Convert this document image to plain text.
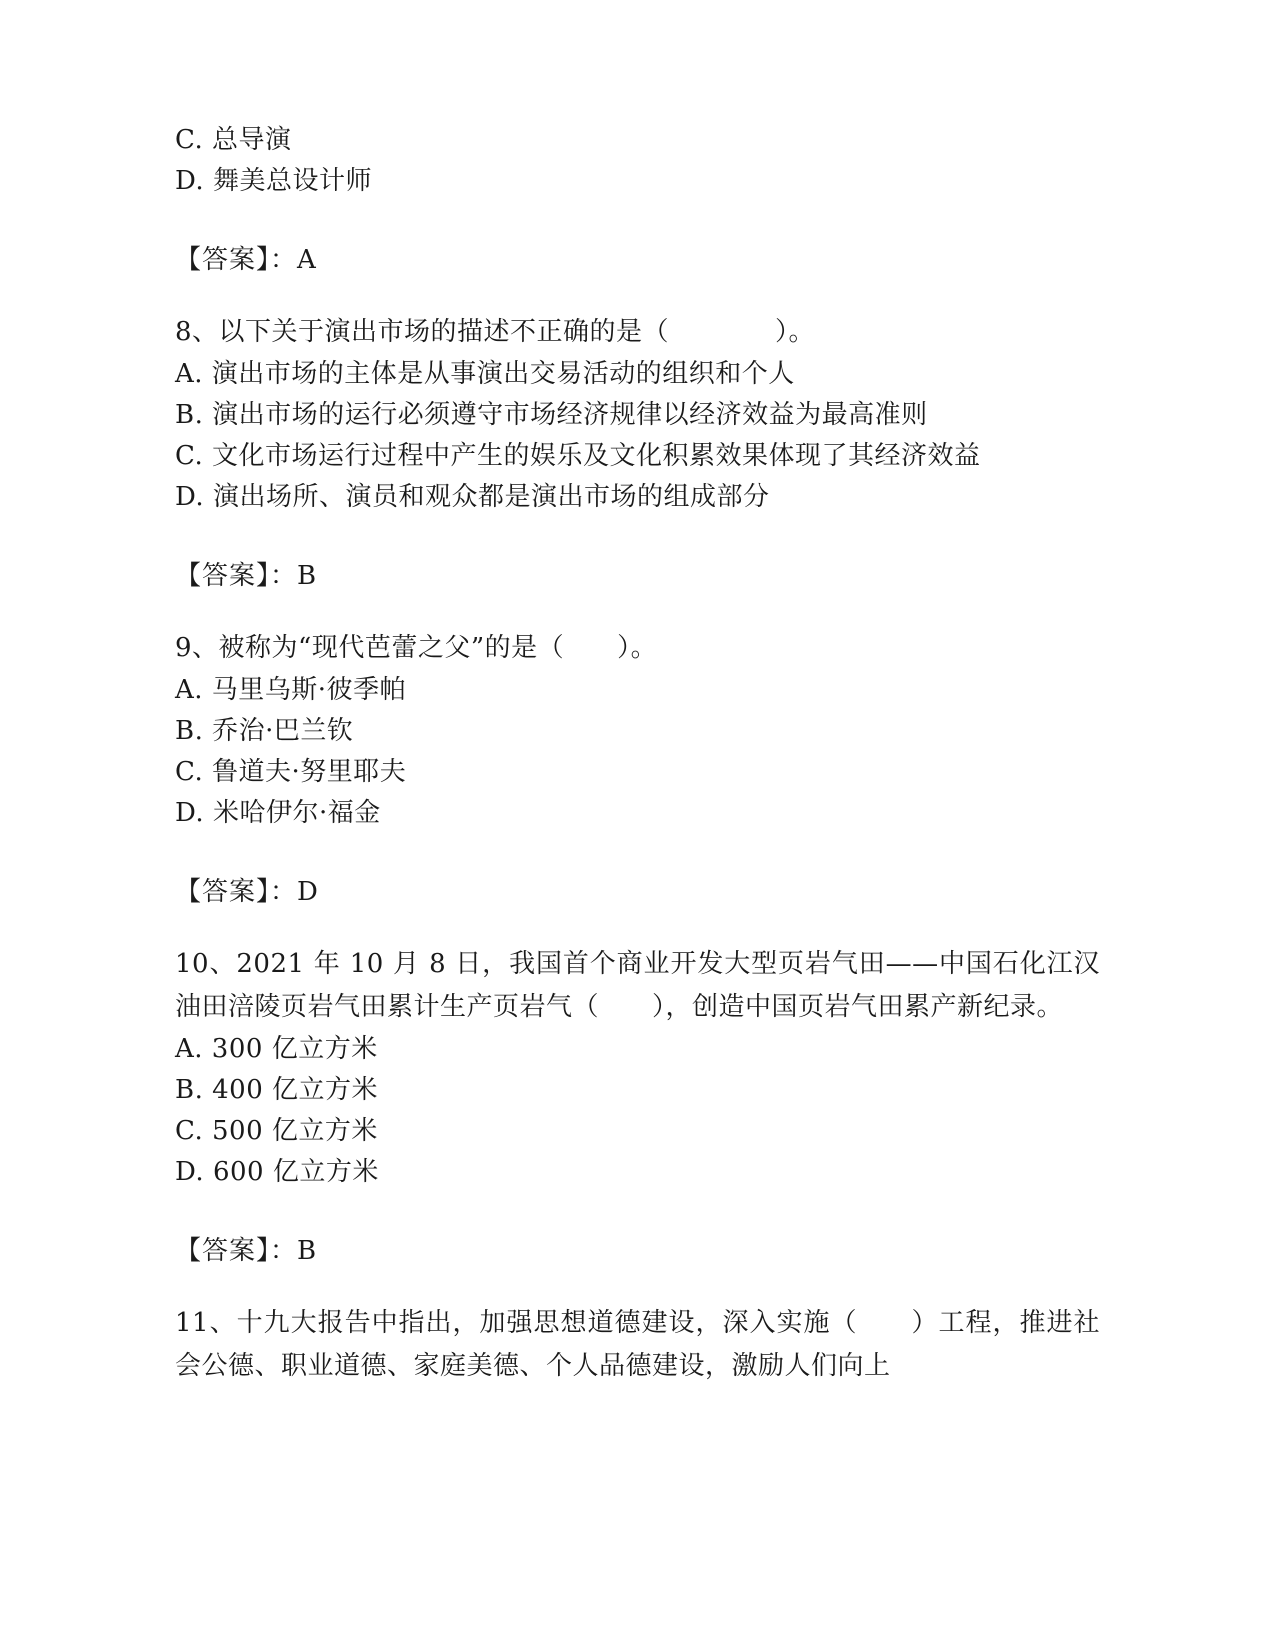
C. 总导演
D. 舞美总设计师
【答案】：A
8、以下关于演出市场的描述不正确的是（　　　　）。
A. 演出市场的主体是从事演出交易活动的组织和个人
B. 演出市场的运行必须遵守市场经济规律以经济效益为最高准则
C. 文化市场运行过程中产生的娱乐及文化积累效果体现了其经济效益
D. 演出场所、演员和观众都是演出市场的组成部分
【答案】：B
9、被称为“现代芭蕾之父”的是（　　）。
A. 马里乌斯·彼季帕
B. 乔治·巴兰钦
C. 鲁道夫·努里耶夫
D. 米哈伊尔·福金
【答案】：D
10、2021 年 10 月 8 日，我国首个商业开发大型页岩气田——中国石化江汉油田涪陵页岩气田累计生产页岩气（　　），创造中国页岩气田累产新纪录。
A. 300 亿立方米
B. 400 亿立方米
C. 500 亿立方米
D. 600 亿立方米
【答案】：B
11、十九大报告中指出，加强思想道德建设，深入实施（　　）工程，推进社会公德、职业道德、家庭美德、个人品德建设，激励人们向上
